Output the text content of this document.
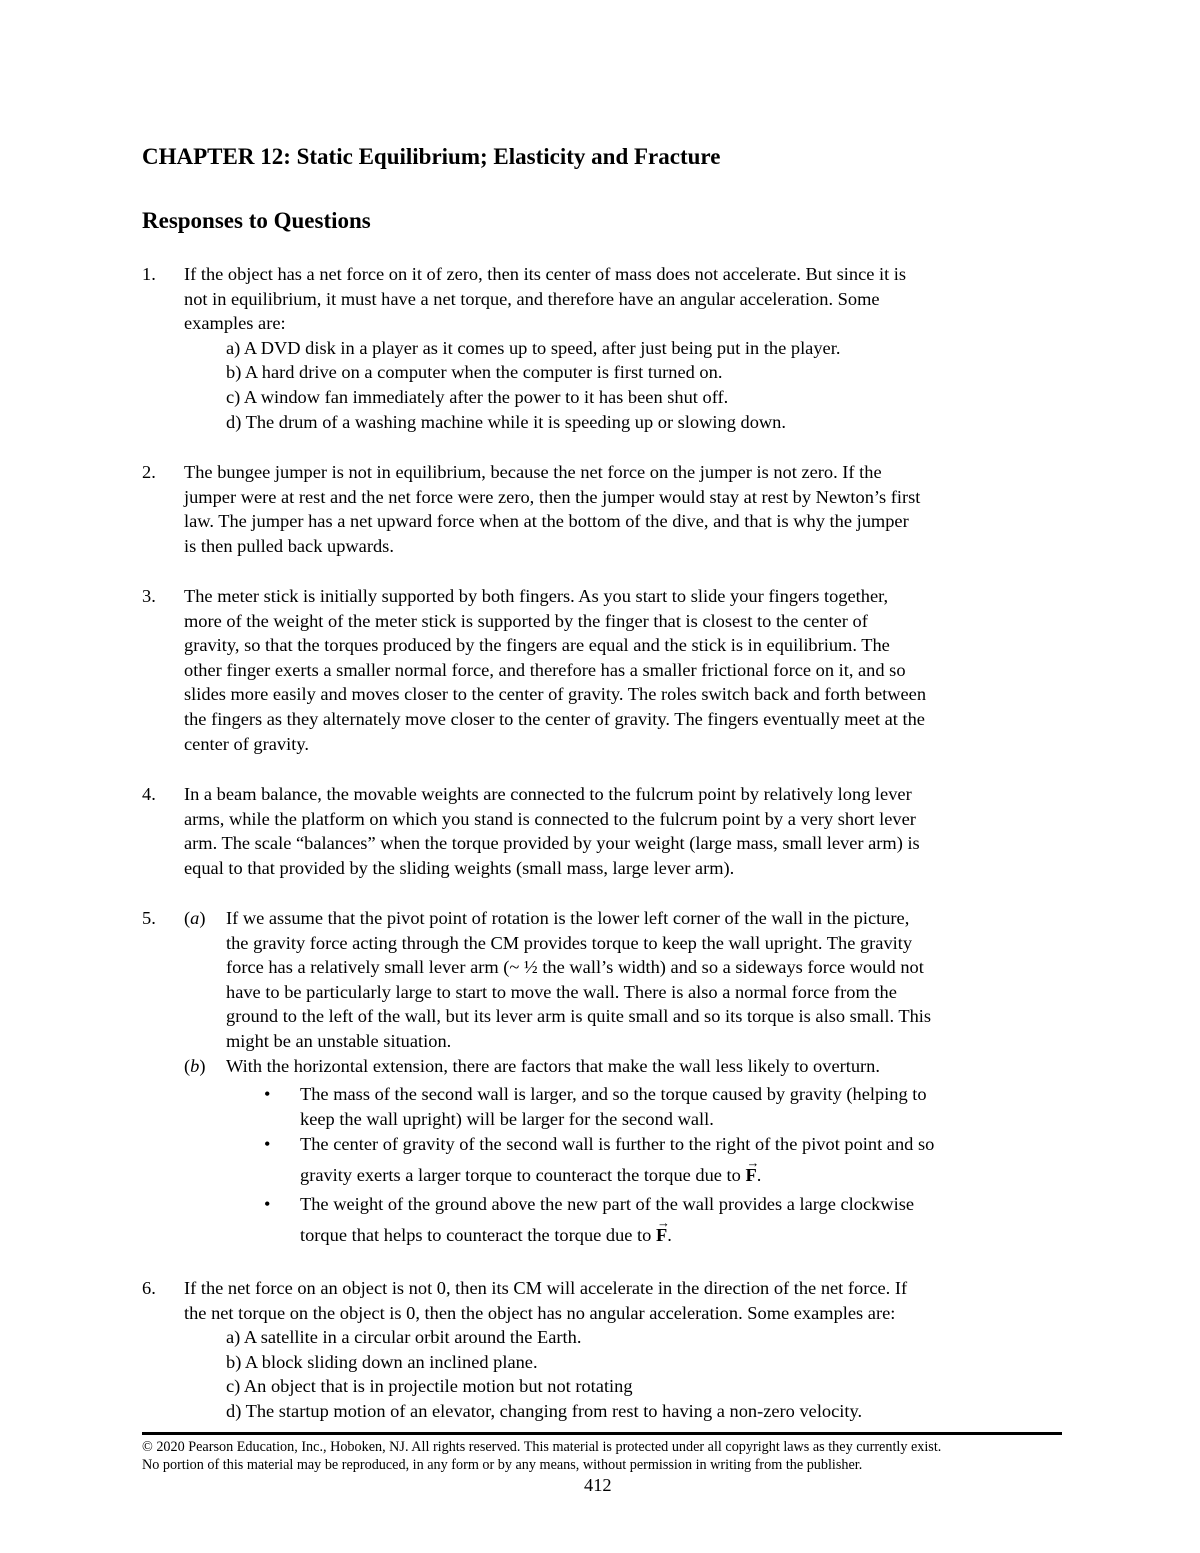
CHAPTER 12: Static Equilibrium; Elasticity and Fracture
Responses to Questions
1. If the object has a net force on it of zero, then its center of mass does not accelerate. But since it is
not in equilibrium, it must have a net torque, and therefore have an angular acceleration. Some
examples are:
a) A DVD disk in a player as it comes up to speed, after just being put in the player.
b) A hard drive on a computer when the computer is first turned on.
c) A window fan immediately after the power to it has been shut off.
d) The drum of a washing machine while it is speeding up or slowing down.
2. The bungee jumper is not in equilibrium, because the net force on the jumper is not zero. If the
jumper were at rest and the net force were zero, then the jumper would stay at rest by Newton’s first
law. The jumper has a net upward force when at the bottom of the dive, and that is why the jumper
is then pulled back upwards.
3. The meter stick is initially supported by both fingers. As you start to slide your fingers together,
more of the weight of the meter stick is supported by the finger that is closest to the center of
gravity, so that the torques produced by the fingers are equal and the stick is in equilibrium. The
other finger exerts a smaller normal force, and therefore has a smaller frictional force on it, and so
slides more easily and moves closer to the center of gravity. The roles switch back and forth between
the fingers as they alternately move closer to the center of gravity. The fingers eventually meet at the
center of gravity.
4. In a beam balance, the movable weights are connected to the fulcrum point by relatively long lever
arms, while the platform on which you stand is connected to the fulcrum point by a very short lever
arm. The scale “balances” when the torque provided by your weight (large mass, small lever arm) is
equal to that provided by the sliding weights (small mass, large lever arm).
5. (a) If we assume that the pivot point of rotation is the lower left corner of the wall in the picture,
the gravity force acting through the CM provides torque to keep the wall upright. The gravity
force has a relatively small lever arm (~ ½ the wall’s width) and so a sideways force would not
have to be particularly large to start to move the wall. There is also a normal force from the
ground to the left of the wall, but its lever arm is quite small and so its torque is also small. This
might be an unstable situation.
(b) With the horizontal extension, there are factors that make the wall less likely to overturn.
• The mass of the second wall is larger, and so the torque caused by gravity (helping to
keep the wall upright) will be larger for the second wall.
• The center of gravity of the second wall is further to the right of the pivot point and so
gravity exerts a larger torque to counteract the torque due to → F.
• The weight of the ground above the new part of the wall provides a large clockwise
torque that helps to counteract the torque due to → F.
6. If the net force on an object is not 0, then its CM will accelerate in the direction of the net force. If
the net torque on the object is 0, then the object has no angular acceleration. Some examples are:
a) A satellite in a circular orbit around the Earth.
b) A block sliding down an inclined plane.
c) An object that is in projectile motion but not rotating
d) The startup motion of an elevator, changing from rest to having a non-zero velocity.
© 2020 Pearson Education, Inc., Hoboken, NJ. All rights reserved. This material is protected under all copyright laws as they currently exist.
No portion of this material may be reproduced, in any form or by any means, without permission in writing from the publisher.
412
